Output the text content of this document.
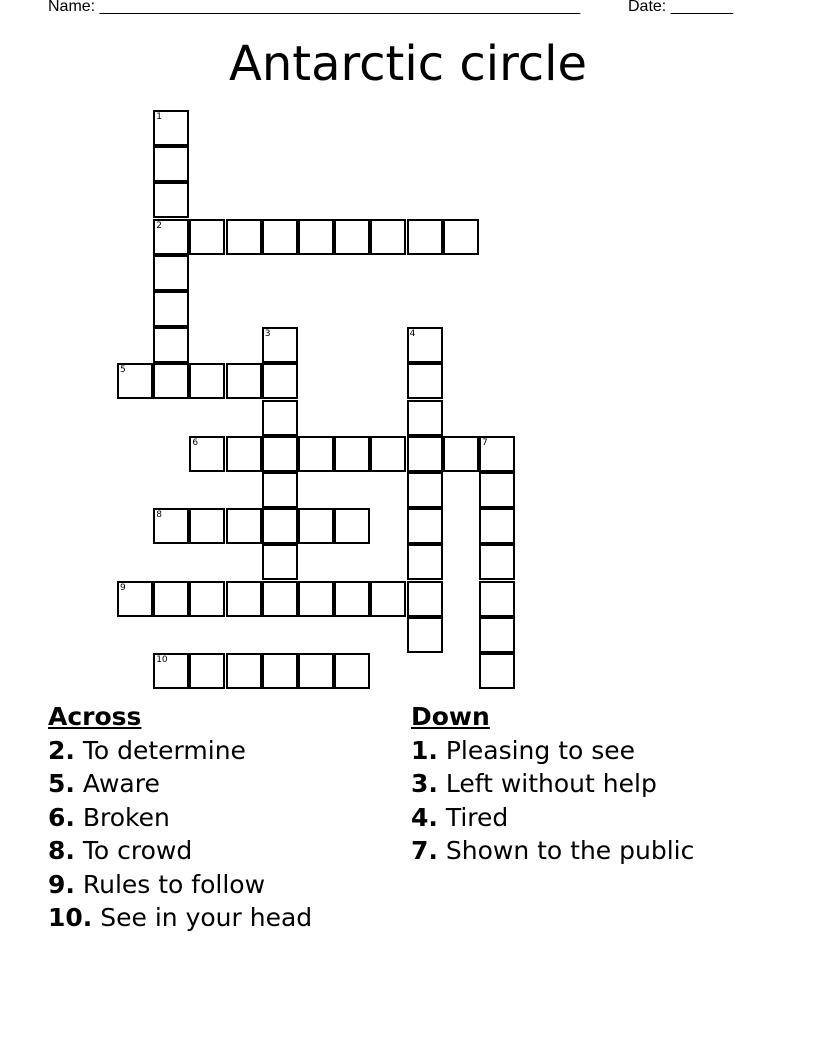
Name: ______________________________________________________	Date: _______
Antarctic circle
1
2
3	4
5
6	7
8
9
10
Across
2. To determine
5. Aware
6. Broken
8. To crowd
9. Rules to follow
10. See in your head
Down
1. Pleasing to see
3. Left without help
4. Tired
7. Shown to the public
